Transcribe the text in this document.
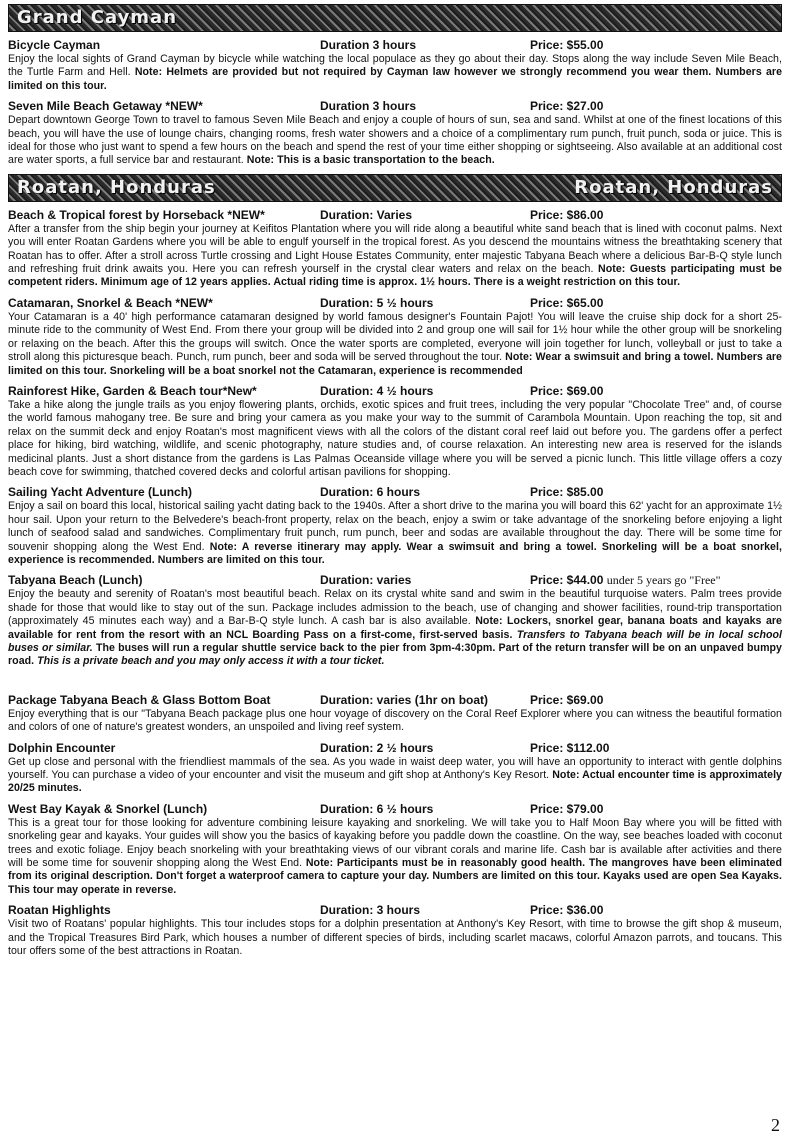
Grand Cayman
Bicycle Cayman	Duration 3 hours	Price: $55.00

Enjoy the local sights of Grand Cayman by bicycle while watching the local populace as they go about their day. Stops along the way include Seven Mile Beach, the Turtle Farm and Hell. Note: Helmets are provided but not required by Cayman law however we strongly recommend you wear them. Numbers are limited on this tour.

Seven Mile Beach Getaway *NEW*	Duration 3 hours	Price: $27.00

Depart downtown George Town to travel to famous Seven Mile Beach and enjoy a couple of hours of sun, sea and sand. Whilst at one of the finest locations of this beach, you will have the use of lounge chairs, changing rooms, fresh water showers and a choice of a complimentary rum punch, fruit punch, soda or juice. This is ideal for those who just want to spend a few hours on the beach and spend the rest of your time either shopping or sightseeing. Also available at an additional cost are water sports, a full service bar and restaurant. Note: This is a basic transportation to the beach.

Roatan, Honduras	Roatan, Honduras
Beach & Tropical forest by Horseback *NEW*	Duration: Varies	Price: $86.00

After a transfer from the ship begin your journey at Keifitos Plantation where you will ride along a beautiful white sand beach that is lined with coconut palms. Next you will enter Roatan Gardens where you will be able to engulf yourself in the tropical forest. As you descend the mountains witness the breathtaking scenery that Roatan has to offer. After a stroll across Turtle crossing and Light House Estates Community, enter majestic Tabyana Beach where a delicious Bar-B-Q style lunch and refreshing fruit drink awaits you. Here you can refresh yourself in the crystal clear waters and relax on the beach. Note: Guests participating must be competent riders. Minimum age of 12 years applies. Actual riding time is approx. 1½ hours. There is a weight restriction on this tour.

Catamaran, Snorkel & Beach *NEW*	Duration: 5 ½ hours	Price: $65.00

Your Catamaran is a 40' high performance catamaran designed by world famous designer's Fountain Pajot! You will leave the cruise ship dock for a short 25-minute ride to the community of West End. From there your group will be divided into 2 and group one will sail for 1½ hour while the other group will be snorkeling or relaxing on the beach. After this the groups will switch. Once the water sports are completed, everyone will join together for lunch, volleyball or just to take a stroll along this picturesque beach. Punch, rum punch, beer and soda will be served throughout the tour. Note: Wear a swimsuit and bring a towel. Numbers are limited on this tour. Snorkeling will be a boat snorkel not the Catamaran, experience is recommended

Rainforest Hike, Garden & Beach tour*New*	Duration: 4 ½ hours	Price: $69.00

Take a hike along the jungle trails as you enjoy flowering plants, orchids, exotic spices and fruit trees, including the very popular "Chocolate Tree" and, of course the world famous mahogany tree. Be sure and bring your camera as you make your way to the summit of Carambola Mountain. Upon reaching the top, sit and relax on the summit deck and enjoy Roatan's most magnificent views with all the colors of the distant coral reef laid out before you. The gardens offer a perfect place for hiking, bird watching, wildlife, and scenic photography, nature studies and, of course relaxation. An interesting new area is reserved for the islands medicinal plants. Just a short distance from the gardens is Las Palmas Oceanside village where you will be served a picnic lunch. This little village offers a cozy beach cove for swimming, thatched covered decks and colorful artisan pavilions for shopping.

Sailing Yacht Adventure (Lunch)	Duration: 6 hours	Price: $85.00

Enjoy a sail on board this local, historical sailing yacht dating back to the 1940s. After a short drive to the marina you will board this 62' yacht for an approximate 1½ hour sail. Upon your return to the Belvedere's beach-front property, relax on the beach, enjoy a swim or take advantage of the snorkeling before enjoying a light lunch of seafood salad and sandwiches. Complimentary fruit punch, rum punch, beer and sodas are available throughout the day. There will be some time for souvenir shopping along the West End. Note: A reverse itinerary may apply. Wear a swimsuit and bring a towel. Snorkeling will be a boat snorkel, experience is recommended. Numbers are limited on this tour.

Tabyana Beach (Lunch)	Duration: varies	Price: $44.00 under 5 years go "Free"

Enjoy the beauty and serenity of Roatan's most beautiful beach. Relax on its crystal white sand and swim in the beautiful turquoise waters. Palm trees provide shade for those that would like to stay out of the sun. Package includes admission to the beach, use of changing and shower facilities, round-trip transportation (approximately 45 minutes each way) and a Bar-B-Q style lunch. A cash bar is also available. Note: Lockers, snorkel gear, banana boats and kayaks are available for rent from the resort with an NCL Boarding Pass on a first-come, first-served basis. Transfers to Tabyana beach will be in local school buses or similar. The buses will run a regular shuttle service back to the pier from 3pm-4:30pm. Part of the return transfer will be on an unpaved bumpy road. This is a private beach and you may only access it with a tour ticket.

Package Tabyana Beach & Glass Bottom Boat	Duration: varies (1hr on boat)	Price: $69.00

Enjoy everything that is our "Tabyana Beach package plus one hour voyage of discovery on the Coral Reef Explorer where you can witness the beautiful formation and colors of one of nature's greatest wonders, an unspoiled and living reef system.

Dolphin Encounter	Duration: 2 ½ hours	Price: $112.00

Get up close and personal with the friendliest mammals of the sea. As you wade in waist deep water, you will have an opportunity to interact with gentle dolphins yourself. You can purchase a video of your encounter and visit the museum and gift shop at Anthony's Key Resort. Note: Actual encounter time is approximately 20/25 minutes.

West Bay Kayak & Snorkel (Lunch)	Duration: 6 ½ hours	Price: $79.00

This is a great tour for those looking for adventure combining leisure kayaking and snorkeling. We will take you to Half Moon Bay where you will be fitted with snorkeling gear and kayaks. Your guides will show you the basics of kayaking before you paddle down the coastline. On the way, see beaches loaded with coconut trees and exotic foliage. Enjoy beach snorkeling with your breathtaking views of our vibrant corals and marine life. Cash bar is available after activities and there will be some time for souvenir shopping along the West End. Note: Participants must be in reasonably good health. The mangroves have been eliminated from its original description. Don't forget a waterproof camera to capture your day. Numbers are limited on this tour. Kayaks used are open Sea Kayaks. This tour may operate in reverse.

Roatan Highlights	Duration: 3 hours	Price: $36.00

Visit two of Roatans' popular highlights. This tour includes stops for a dolphin presentation at Anthony's Key Resort, with time to browse the gift shop & museum, and the Tropical Treasures Bird Park, which houses a number of different species of birds, including scarlet macaws, colorful Amazon parrots, and toucans. This tour offers some of the best attractions in Roatan.

2
